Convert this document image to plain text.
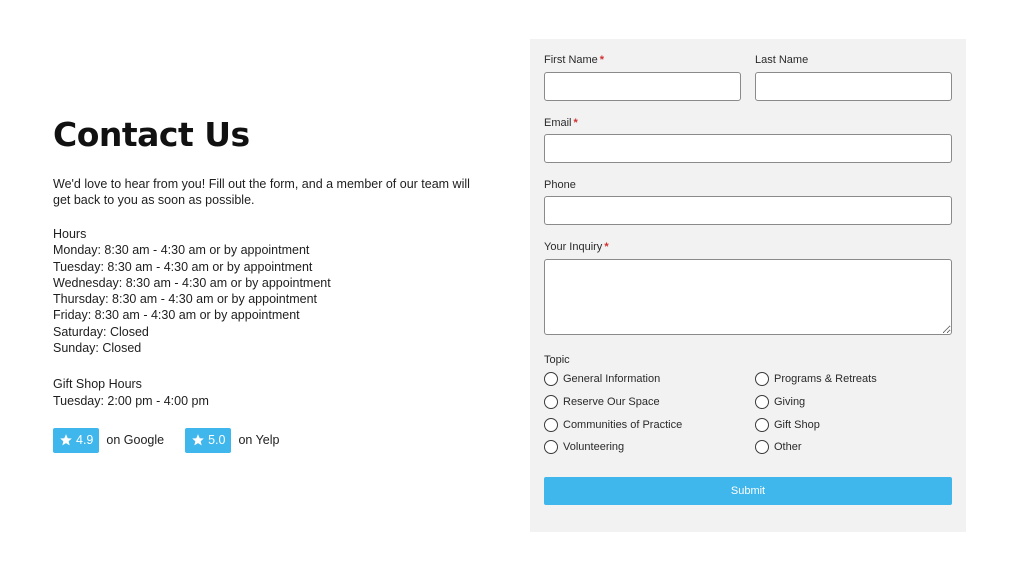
Contact Us
We'd love to hear from you! Fill out the form, and a member of our team will get back to you as soon as possible.
Hours
Monday: 8:30 am - 4:30 am or by appointment
Tuesday: 8:30 am - 4:30 am or by appointment
Wednesday: 8:30 am - 4:30 am or by appointment
Thursday: 8:30 am - 4:30 am or by appointment
Friday: 8:30 am - 4:30 am or by appointment
Saturday: Closed
Sunday: Closed
Gift Shop Hours
Tuesday: 2:00 pm - 4:00 pm
4.9 on Google	5.0 on Yelp
First Name *	Last Name
Email *
Phone
Your Inquiry *
Topic
General Information
Reserve Our Space
Communities of Practice
Volunteering
Programs & Retreats
Giving
Gift Shop
Other
Submit
